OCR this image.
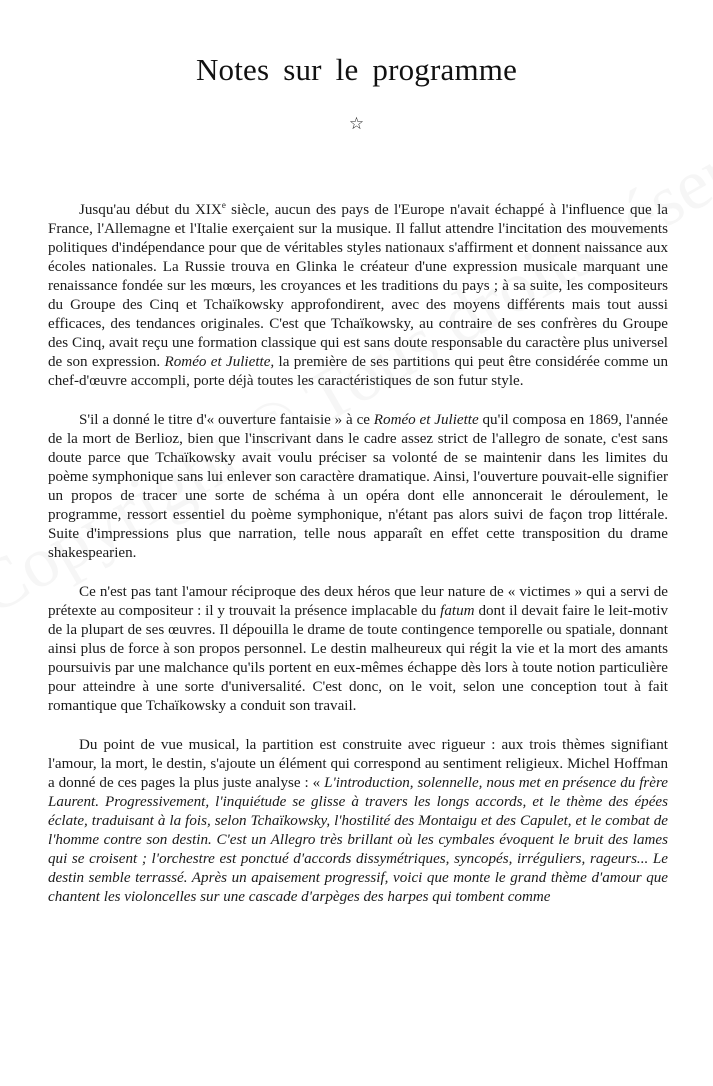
Notes sur le programme
☆

Jusqu'au début du XIXe siècle, aucun des pays de l'Europe n'avait échappé à l'influence que la France, l'Allemagne et l'Italie exerçaient sur la musique. Il fallut attendre l'incitation des mouvements politiques d'indépendance pour que de véritables styles nationaux s'affirment et donnent naissance aux écoles nationales. La Russie trouva en Glinka le créateur d'une expression musicale marquant une renaissance fondée sur les mœurs, les croyances et les traditions du pays ; à sa suite, les compositeurs du Groupe des Cinq et Tchaïkowsky approfondirent, avec des moyens différents mais tout aussi efficaces, des tendances originales. C'est que Tchaïkowsky, au contraire de ses confrères du Groupe des Cinq, avait reçu une formation classique qui est sans doute responsable du caractère plus universel de son expression. Roméo et Juliette, la première de ses partitions qui peut être considérée comme un chef-d'œuvre accompli, porte déjà toutes les caractéristiques de son futur style.

S'il a donné le titre d'« ouverture fantaisie » à ce Roméo et Juliette qu'il composa en 1869, l'année de la mort de Berlioz, bien que l'inscrivant dans le cadre assez strict de l'allegro de sonate, c'est sans doute parce que Tchaïkowsky avait voulu préciser sa volonté de se maintenir dans les limites du poème symphonique sans lui enlever son caractère dramatique. Ainsi, l'ouverture pouvait-elle signifier un propos de tracer une sorte de schéma à un opéra dont elle annoncerait le déroulement, le programme, ressort essentiel du poème symphonique, n'étant pas alors suivi de façon trop littérale. Suite d'impressions plus que narration, telle nous apparaît en effet cette transposition du drame shakespearien.

Ce n'est pas tant l'amour réciproque des deux héros que leur nature de « victimes » qui a servi de prétexte au compositeur : il y trouvait la présence implacable du fatum dont il devait faire le leit-motiv de la plupart de ses œuvres. Il dépouilla le drame de toute contingence temporelle ou spatiale, donnant ainsi plus de force à son propos personnel. Le destin malheureux qui régit la vie et la mort des amants poursuivis par une malchance qu'ils portent en eux-mêmes échappe dès lors à toute notion particulière pour atteindre à une sorte d'universalité. C'est donc, on le voit, selon une conception tout à fait romantique que Tchaïkowsky a conduit son travail.

Du point de vue musical, la partition est construite avec rigueur : aux trois thèmes signifiant l'amour, la mort, le destin, s'ajoute un élément qui correspond au sentiment religieux. Michel Hoffman a donné de ces pages la plus juste analyse : « L'introduction, solennelle, nous met en présence du frère Laurent. Progressivement, l'inquiétude se glisse à travers les longs accords, et le thème des épées éclate, traduisant à la fois, selon Tchaïkowsky, l'hostilité des Montaigu et des Capulet, et le combat de l'homme contre son destin. C'est un Allegro très brillant où les cymbales évoquent le bruit des lames qui se croisent ; l'orchestre est ponctué d'accords dissymétriques, syncopés, irréguliers, rageurs... Le destin semble terrassé. Après un apaisement progressif, voici que monte le grand thème d'amour que chantent les violoncelles sur une cascade d'arpèges des harpes qui tombent comme
